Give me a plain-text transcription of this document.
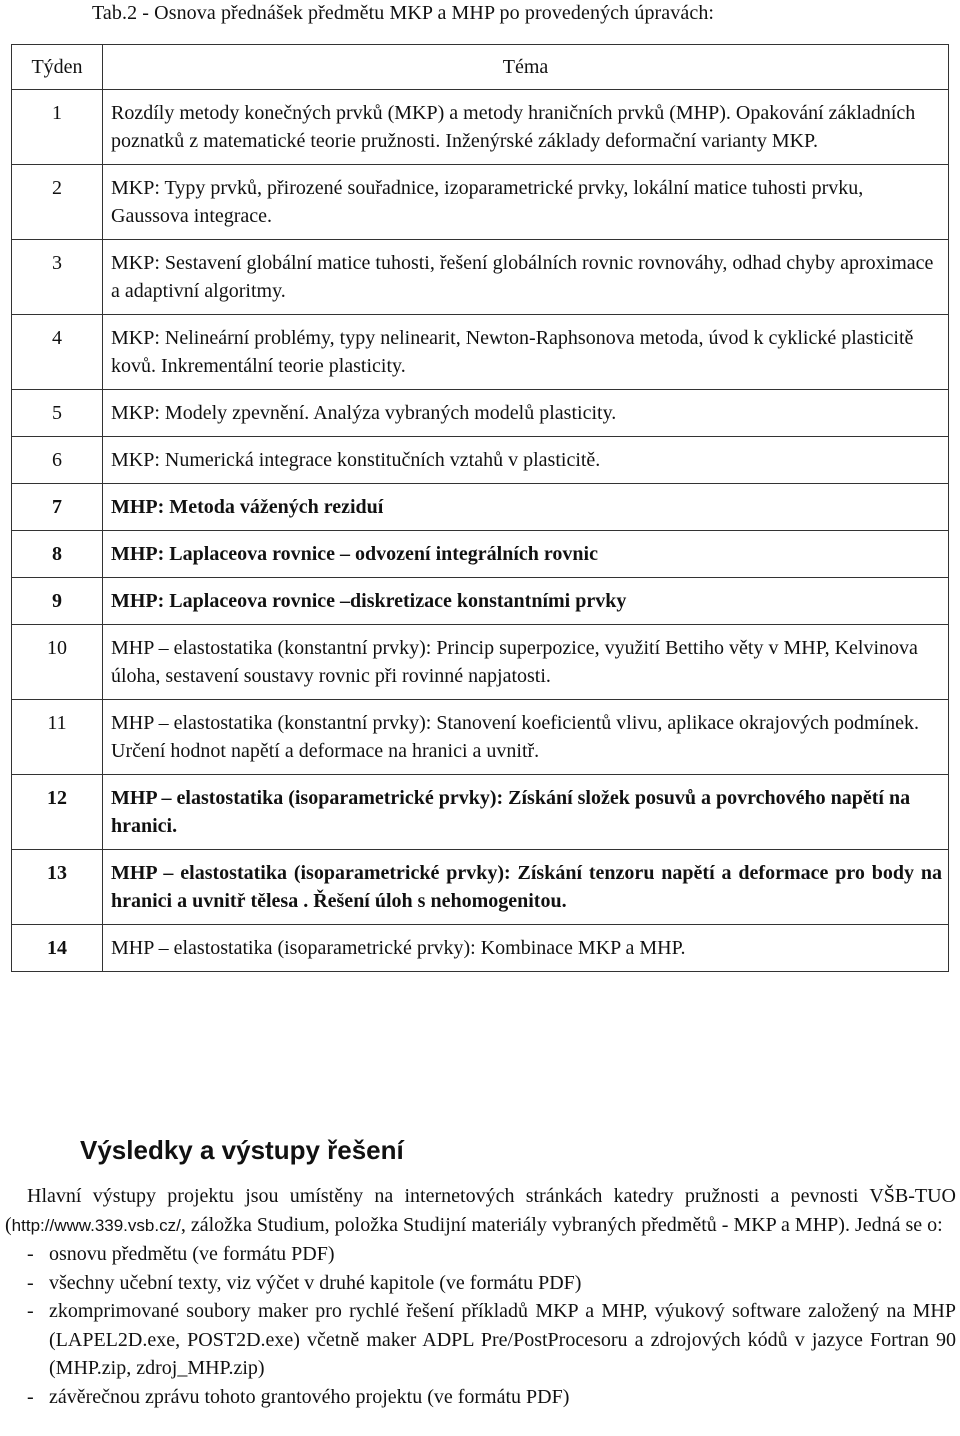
Tab.2 - Osnova přednášek předmětu MKP a MHP po provedených úpravách:
Týden	Téma
1	Rozdíly metody konečných prvků (MKP) a metody hraničních prvků (MHP). Opakování základních poznatků z matematické teorie pružnosti. Inženýrské základy deformační varianty MKP.
2	MKP: Typy prvků, přirozené souřadnice, izoparametrické prvky, lokální matice tuhosti prvku, Gaussova integrace.
3	MKP: Sestavení globální matice tuhosti, řešení globálních rovnic rovnováhy, odhad chyby aproximace a adaptivní algoritmy.
4	MKP: Nelineární problémy, typy nelinearit, Newton-Raphsonova metoda, úvod k cyklické plasticitě kovů. Inkrementální teorie plasticity.
5	MKP: Modely zpevnění. Analýza vybraných modelů plasticity.
6	MKP: Numerická integrace konstitučních vztahů v plasticitě.
7	MHP: Metoda vážených reziduí
8	MHP: Laplaceova rovnice – odvození integrálních rovnic
9	MHP: Laplaceova rovnice –diskretizace konstantními prvky
10	MHP – elastostatika (konstantní prvky): Princip superpozice, využití Bettiho věty v MHP, Kelvinova úloha, sestavení soustavy rovnic při rovinné napjatosti.
11	MHP – elastostatika (konstantní prvky): Stanovení koeficientů vlivu, aplikace okrajových podmínek. Určení hodnot napětí a deformace na hranici a uvnitř.
12	MHP – elastostatika (isoparametrické prvky): Získání složek posuvů a povrchového napětí na hranici.
13	MHP – elastostatika (isoparametrické prvky): Získání tenzoru napětí a deformace pro body na hranici a uvnitř tělesa . Řešení úloh s nehomogenitou.
14	MHP – elastostatika (isoparametrické prvky): Kombinace MKP a MHP.
Výsledky a výstupy řešení

Hlavní výstupy projektu jsou umístěny na internetových stránkách katedry pružnosti a pevnosti VŠB-TUO (http://www.339.vsb.cz/, záložka Studium, položka Studijní materiály vybraných předmětů - MKP a MHP). Jedná se o:

- osnovu předmětu (ve formátu PDF)
- všechny učební texty, viz výčet v druhé kapitole (ve formátu PDF)
- zkomprimované soubory maker pro rychlé řešení příkladů MKP a MHP, výukový software založený na MHP (LAPEL2D.exe, POST2D.exe) včetně maker ADPL Pre/PostProcesoru a zdrojových kódů v jazyce Fortran 90 (MHP.zip, zdroj_MHP.zip)
- závěrečnou zprávu tohoto grantového projektu (ve formátu PDF)
